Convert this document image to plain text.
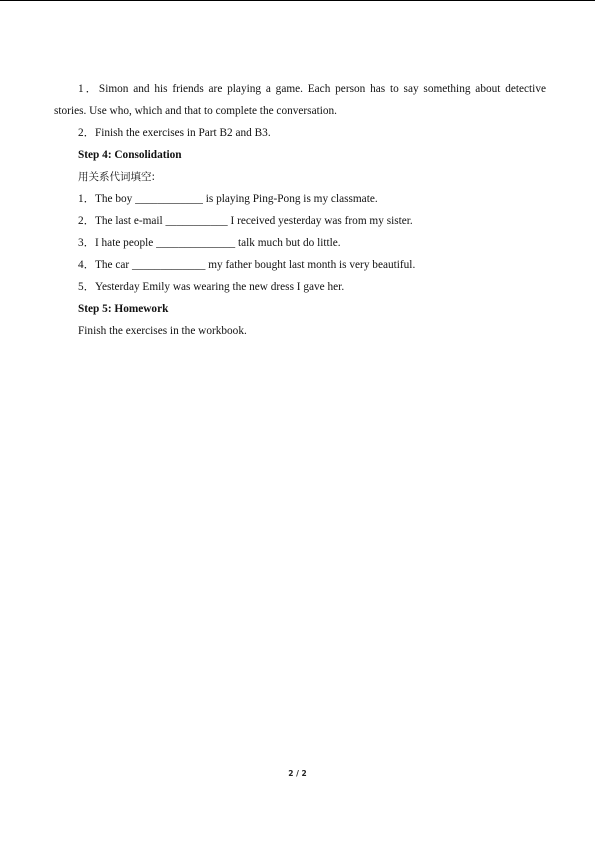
1．Simon and his friends are playing a game. Each person has to say something about detective stories. Use who, which and that to complete the conversation.

2．Finish the exercises in Part B2 and B3.

Step 4: Consolidation

用关系代词填空:

1．The boy ____________ is playing Ping-Pong is my classmate.

2．The last e-mail ___________ I received yesterday was from my sister.

3．I hate people ______________ talk much but do little.

4．The car _____________ my father bought last month is very beautiful.

5．Yesterday Emily was wearing the new dress I gave her.

Step 5: Homework

Finish the exercises in the workbook.

2 / 2
